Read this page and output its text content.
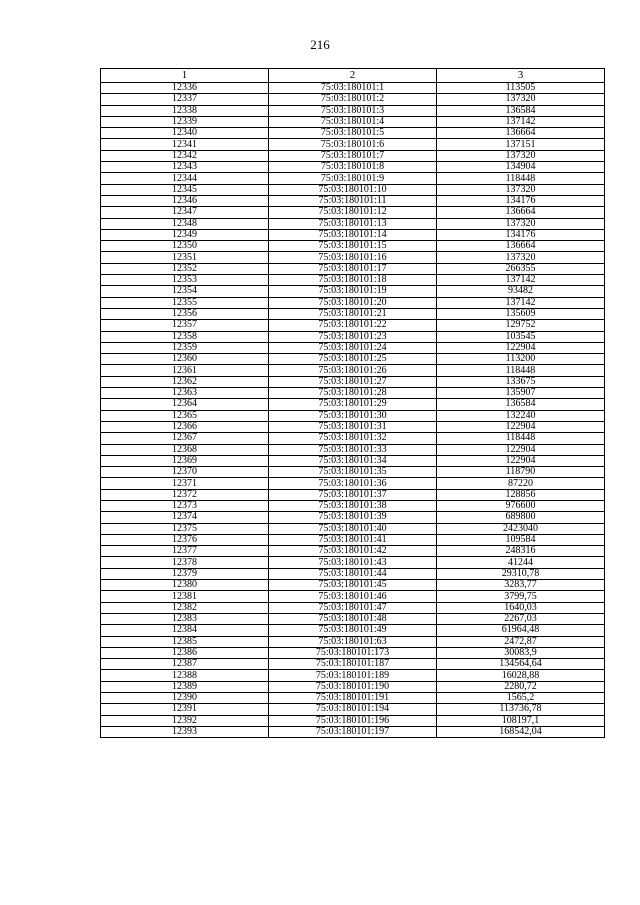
216
1	2	3
12336	75:03:180101:1	113505
12337	75:03:180101:2	137320
12338	75:03:180101:3	136584
12339	75:03:180101:4	137142
12340	75:03:180101:5	136664
12341	75:03:180101:6	137151
12342	75:03:180101:7	137320
12343	75:03:180101:8	134904
12344	75:03:180101:9	118448
12345	75:03:180101:10	137320
12346	75:03:180101:11	134176
12347	75:03:180101:12	136664
12348	75:03:180101:13	137320
12349	75:03:180101:14	134176
12350	75:03:180101:15	136664
12351	75:03:180101:16	137320
12352	75:03:180101:17	266355
12353	75:03:180101:18	137142
12354	75:03:180101:19	93482
12355	75:03:180101:20	137142
12356	75:03:180101:21	135609
12357	75:03:180101:22	129752
12358	75:03:180101:23	103545
12359	75:03:180101:24	122904
12360	75:03:180101:25	113200
12361	75:03:180101:26	118448
12362	75:03:180101:27	133675
12363	75:03:180101:28	135907
12364	75:03:180101:29	136584
12365	75:03:180101:30	132240
12366	75:03:180101:31	122904
12367	75:03:180101:32	118448
12368	75:03:180101:33	122904
12369	75:03:180101:34	122904
12370	75:03:180101:35	118790
12371	75:03:180101:36	87220
12372	75:03:180101:37	128856
12373	75:03:180101:38	976600
12374	75:03:180101:39	689800
12375	75:03:180101:40	2423040
12376	75:03:180101:41	109584
12377	75:03:180101:42	248316
12378	75:03:180101:43	41244
12379	75:03:180101:44	29310,78
12380	75:03:180101:45	3283,77
12381	75:03:180101:46	3799,75
12382	75:03:180101:47	1640,03
12383	75:03:180101:48	2267,03
12384	75:03:180101:49	61964,48
12385	75:03:180101:63	2472,87
12386	75:03:180101:173	30083,9
12387	75:03:180101:187	134564,64
12388	75:03:180101:189	16028,88
12389	75:03:180101:190	2280,72
12390	75:03:180101:191	1565,2
12391	75:03:180101:194	113736,78
12392	75:03:180101:196	108197,1
12393	75:03:180101:197	168542,04
